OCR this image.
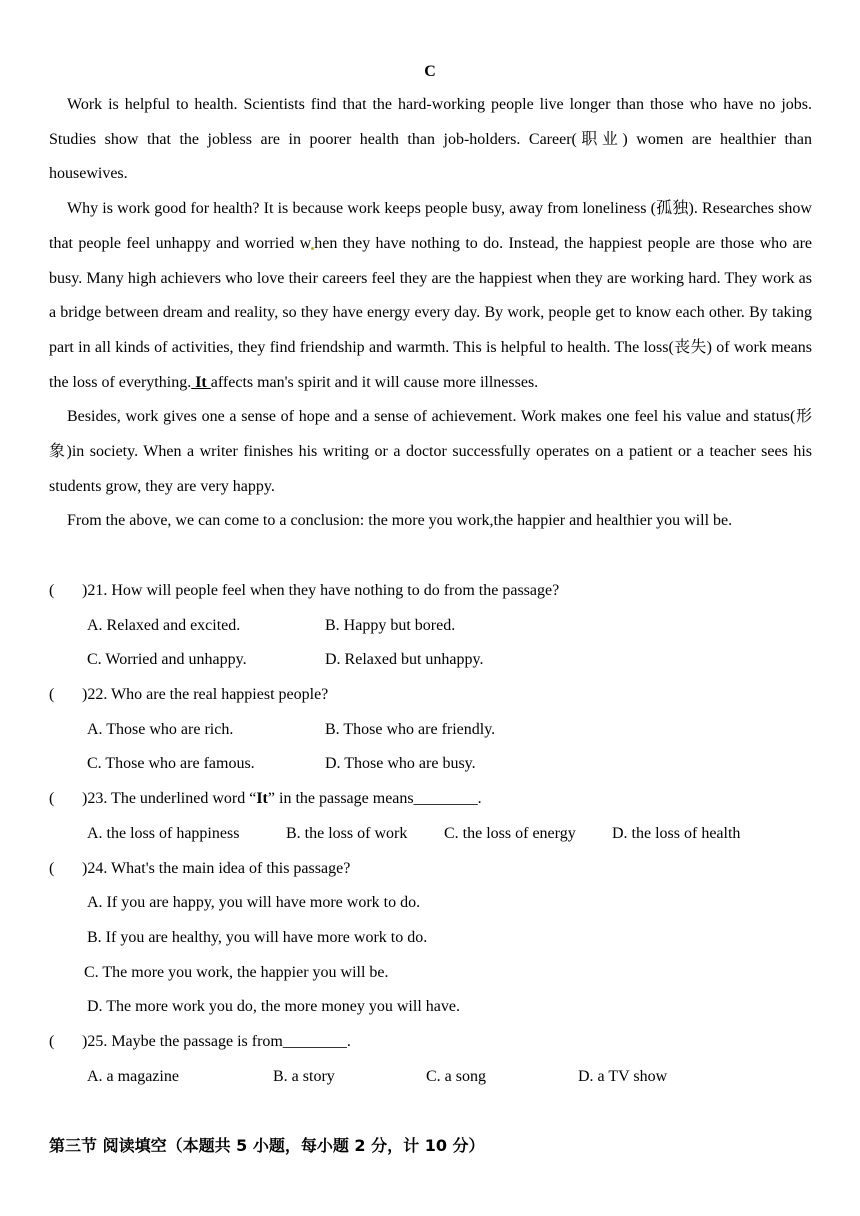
C

Work is helpful to health. Scientists find that the hard-working people live longer than those who have no jobs. Studies show that the jobless are in poorer health than job-holders. Career(职业) women are healthier than housewives.

Why is work good for health? It is because work keeps people busy, away from loneliness (孤独). Researches show that people feel unhappy and worried w hen they have nothing to do. Instead, the happiest people are those who are busy. Many high achievers who love their careers feel they are the happiest when they are working hard. They work as a bridge between dream and reality, so they have energy every day. By work, people get to know each other. By taking part in all kinds of activities, they find friendship and warmth. This is helpful to health. The loss(丧失) of work means the loss of everything. It affects man's spirit and it will cause more illnesses.

Besides, work gives one a sense of hope and a sense of achievement. Work makes one feel his value and status(形象)in society. When a writer finishes his writing or a doctor successfully operates on a patient or a teacher sees his students grow, they are very happy.

From the above, we can come to a conclusion: the more you work,the happier and healthier you will be.

( )21. How will people feel when they have nothing to do from the passage?
A. Relaxed and excited.	B. Happy but bored.
C. Worried and unhappy.	D. Relaxed but unhappy.
( )22. Who are the real happiest people?
A. Those who are rich.	B. Those who are friendly.
C. Those who are famous.	D. Those who are busy.
( )23. The underlined word “It” in the passage means________.
A. the loss of happiness	B. the loss of work C. the loss of energy D. the loss of health
( )24. What's the main idea of this passage?
A. If you are happy, you will have more work to do.
B. If you are healthy, you will have more work to do.
C. The more you work, the happier you will be.
D. The more work you do, the more money you will have.
( )25. Maybe the passage is from________.
A. a magazine	B. a story	C. a song	D. a TV show
第三节 阅读填空（本题共 5 小题，每小题 2 分，计 10 分）
